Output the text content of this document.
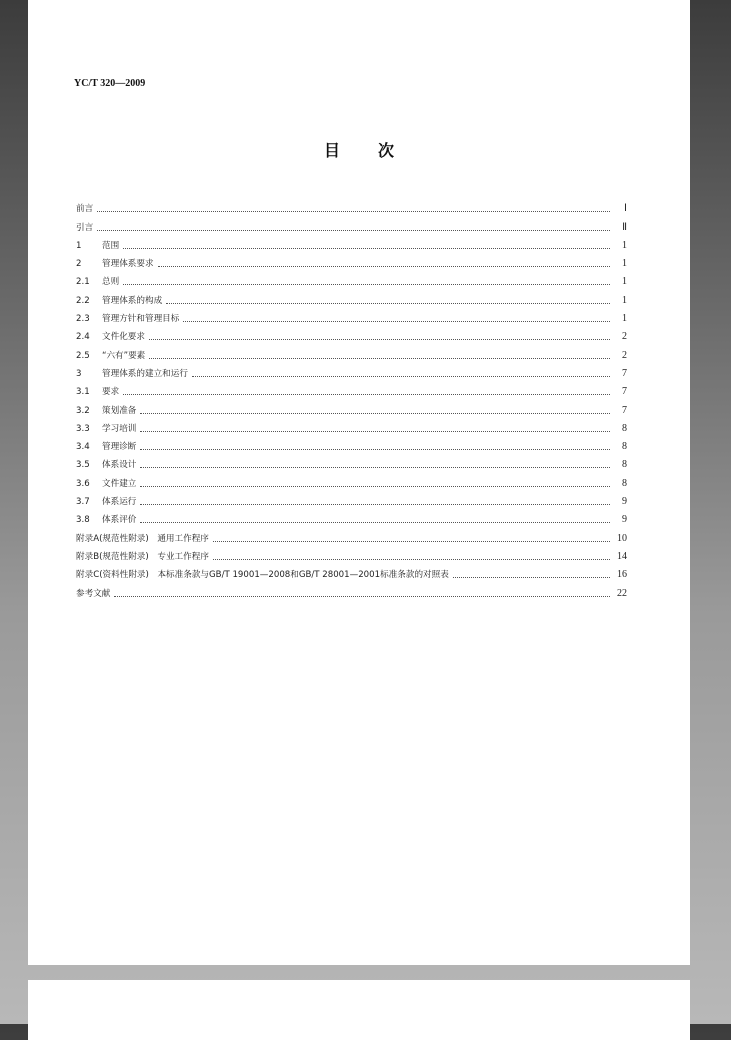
YC/T 320—2009
目次
前言	Ⅰ
引言	Ⅱ
1	范围	1
2	管理体系要求	1
2.1	总则	1
2.2	管理体系的构成	1
2.3	管理方针和管理目标	1
2.4	文件化要求	2
2.5	“六有”要素	2
3	管理体系的建立和运行	7
3.1	要求	7
3.2	策划准备	7
3.3	学习培训	8
3.4	管理诊断	8
3.5	体系设计	8
3.6	文件建立	8
3.7	体系运行	9
3.8	体系评价	9
附录A(规范性附录)　通用工作程序	10
附录B(规范性附录)　专业工作程序	14
附录C(资料性附录)　本标准条款与GB/T 19001—2008和GB/T 28001—2001标准条款的对照表	16
参考文献	22
